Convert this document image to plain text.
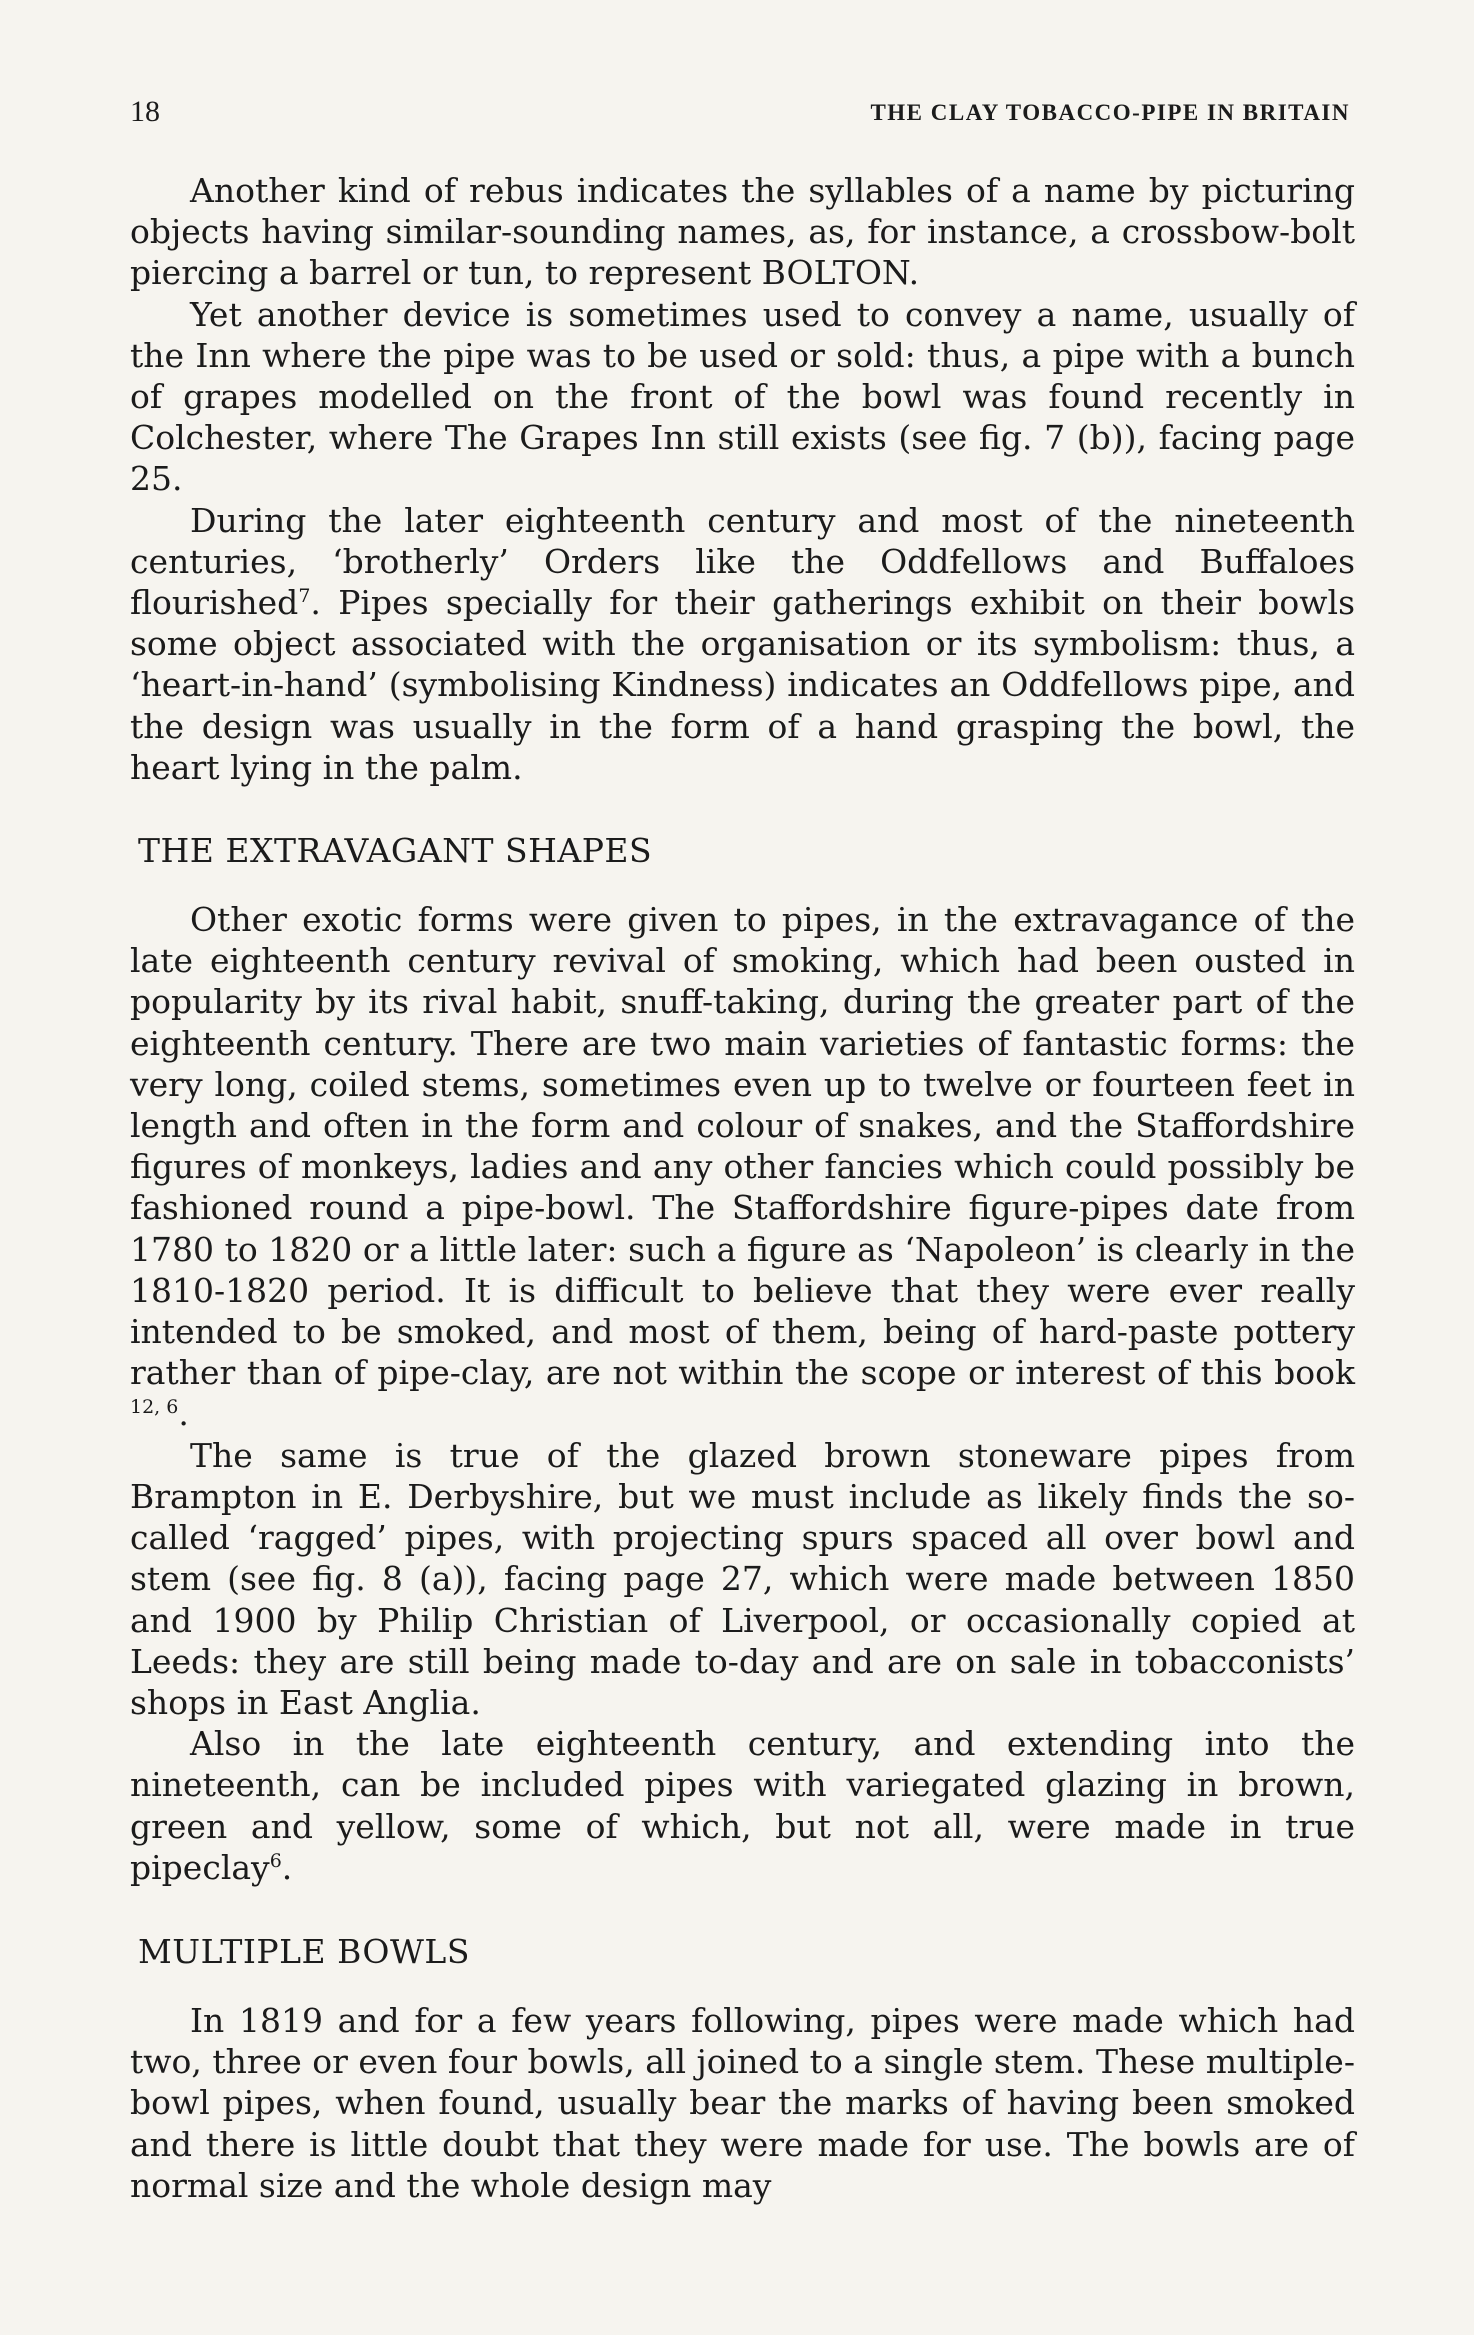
18	THE CLAY TOBACCO-PIPE IN BRITAIN

Another kind of rebus indicates the syllables of a name by picturing objects having similar-sounding names, as, for instance, a crossbow-bolt piercing a barrel or tun, to represent BOLTON.

Yet another device is sometimes used to convey a name, usually of the Inn where the pipe was to be used or sold: thus, a pipe with a bunch of grapes modelled on the front of the bowl was found recently in Colchester, where The Grapes Inn still exists (see fig. 7 (b)), facing page 25.

During the later eighteenth century and most of the nineteenth centuries, ‘brotherly’ Orders like the Oddfellows and Buffaloes flourished$^7$. Pipes specially for their gatherings exhibit on their bowls some object associated with the organisation or its symbolism: thus, a ‘heart-in-hand’ (symbolising Kindness) indicates an Oddfellows pipe, and the design was usually in the form of a hand grasping the bowl, the heart lying in the palm.

THE EXTRAVAGANT SHAPES

Other exotic forms were given to pipes, in the extravagance of the late eighteenth century revival of smoking, which had been ousted in popularity by its rival habit, snuff-taking, during the greater part of the eighteenth century. There are two main varieties of fantastic forms: the very long, coiled stems, sometimes even up to twelve or fourteen feet in length and often in the form and colour of snakes, and the Staffordshire figures of monkeys, ladies and any other fancies which could possibly be fashioned round a pipe-bowl. The Staffordshire figure-pipes date from 1780 to 1820 or a little later: such a figure as ‘Napoleon’ is clearly in the 1810-1820 period. It is difficult to believe that they were ever really intended to be smoked, and most of them, being of hard-paste pottery rather than of pipe-clay, are not within the scope or interest of this book $^{12, 6}$.

The same is true of the glazed brown stoneware pipes from Brampton in E. Derbyshire, but we must include as likely finds the so-called ‘ragged’ pipes, with projecting spurs spaced all over bowl and stem (see fig. 8 (a)), facing page 27, which were made between 1850 and 1900 by Philip Christian of Liverpool, or occasionally copied at Leeds: they are still being made to-day and are on sale in tobacconists’ shops in East Anglia.

Also in the late eighteenth century, and extending into the nineteenth, can be included pipes with variegated glazing in brown, green and yellow, some of which, but not all, were made in true pipeclay$^6$.

MULTIPLE BOWLS

In 1819 and for a few years following, pipes were made which had two, three or even four bowls, all joined to a single stem. These multiple-bowl pipes, when found, usually bear the marks of having been smoked and there is little doubt that they were made for use. The bowls are of normal size and the whole design may
